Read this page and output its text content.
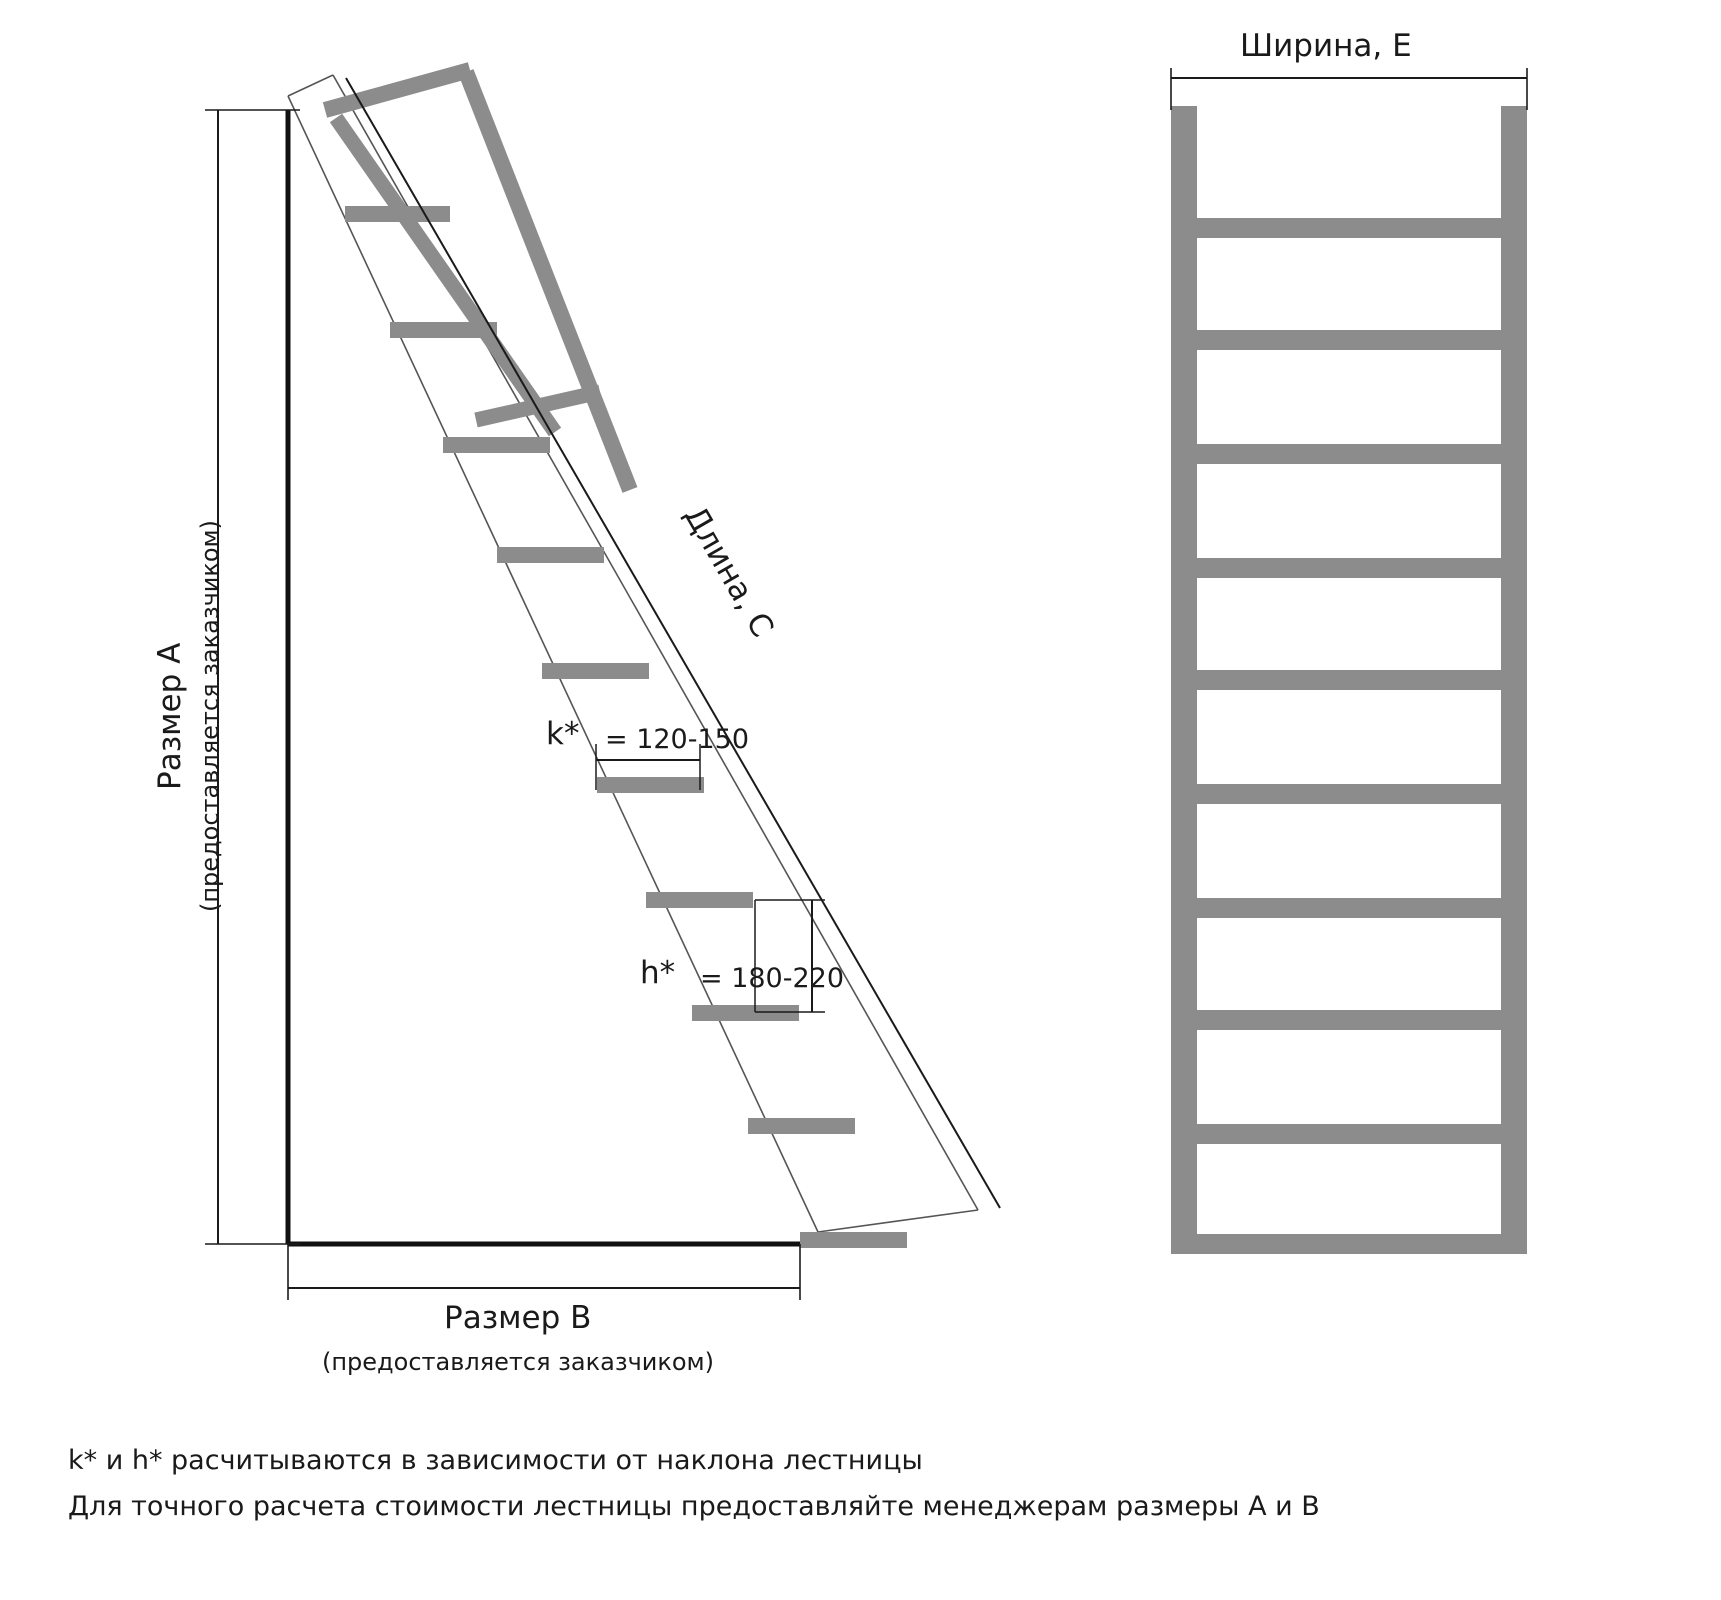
Размер А (предоставляется заказчиком)
Размер В
(предоставляется заказчиком)
Длина, С
Ширина, Е
k* = 120-150
h* = 180-220
k* и h* расчитываются в зависимости от наклона лестницы
Для точного расчета стоимости лестницы предоставляйте менеджерам размеры А и В
